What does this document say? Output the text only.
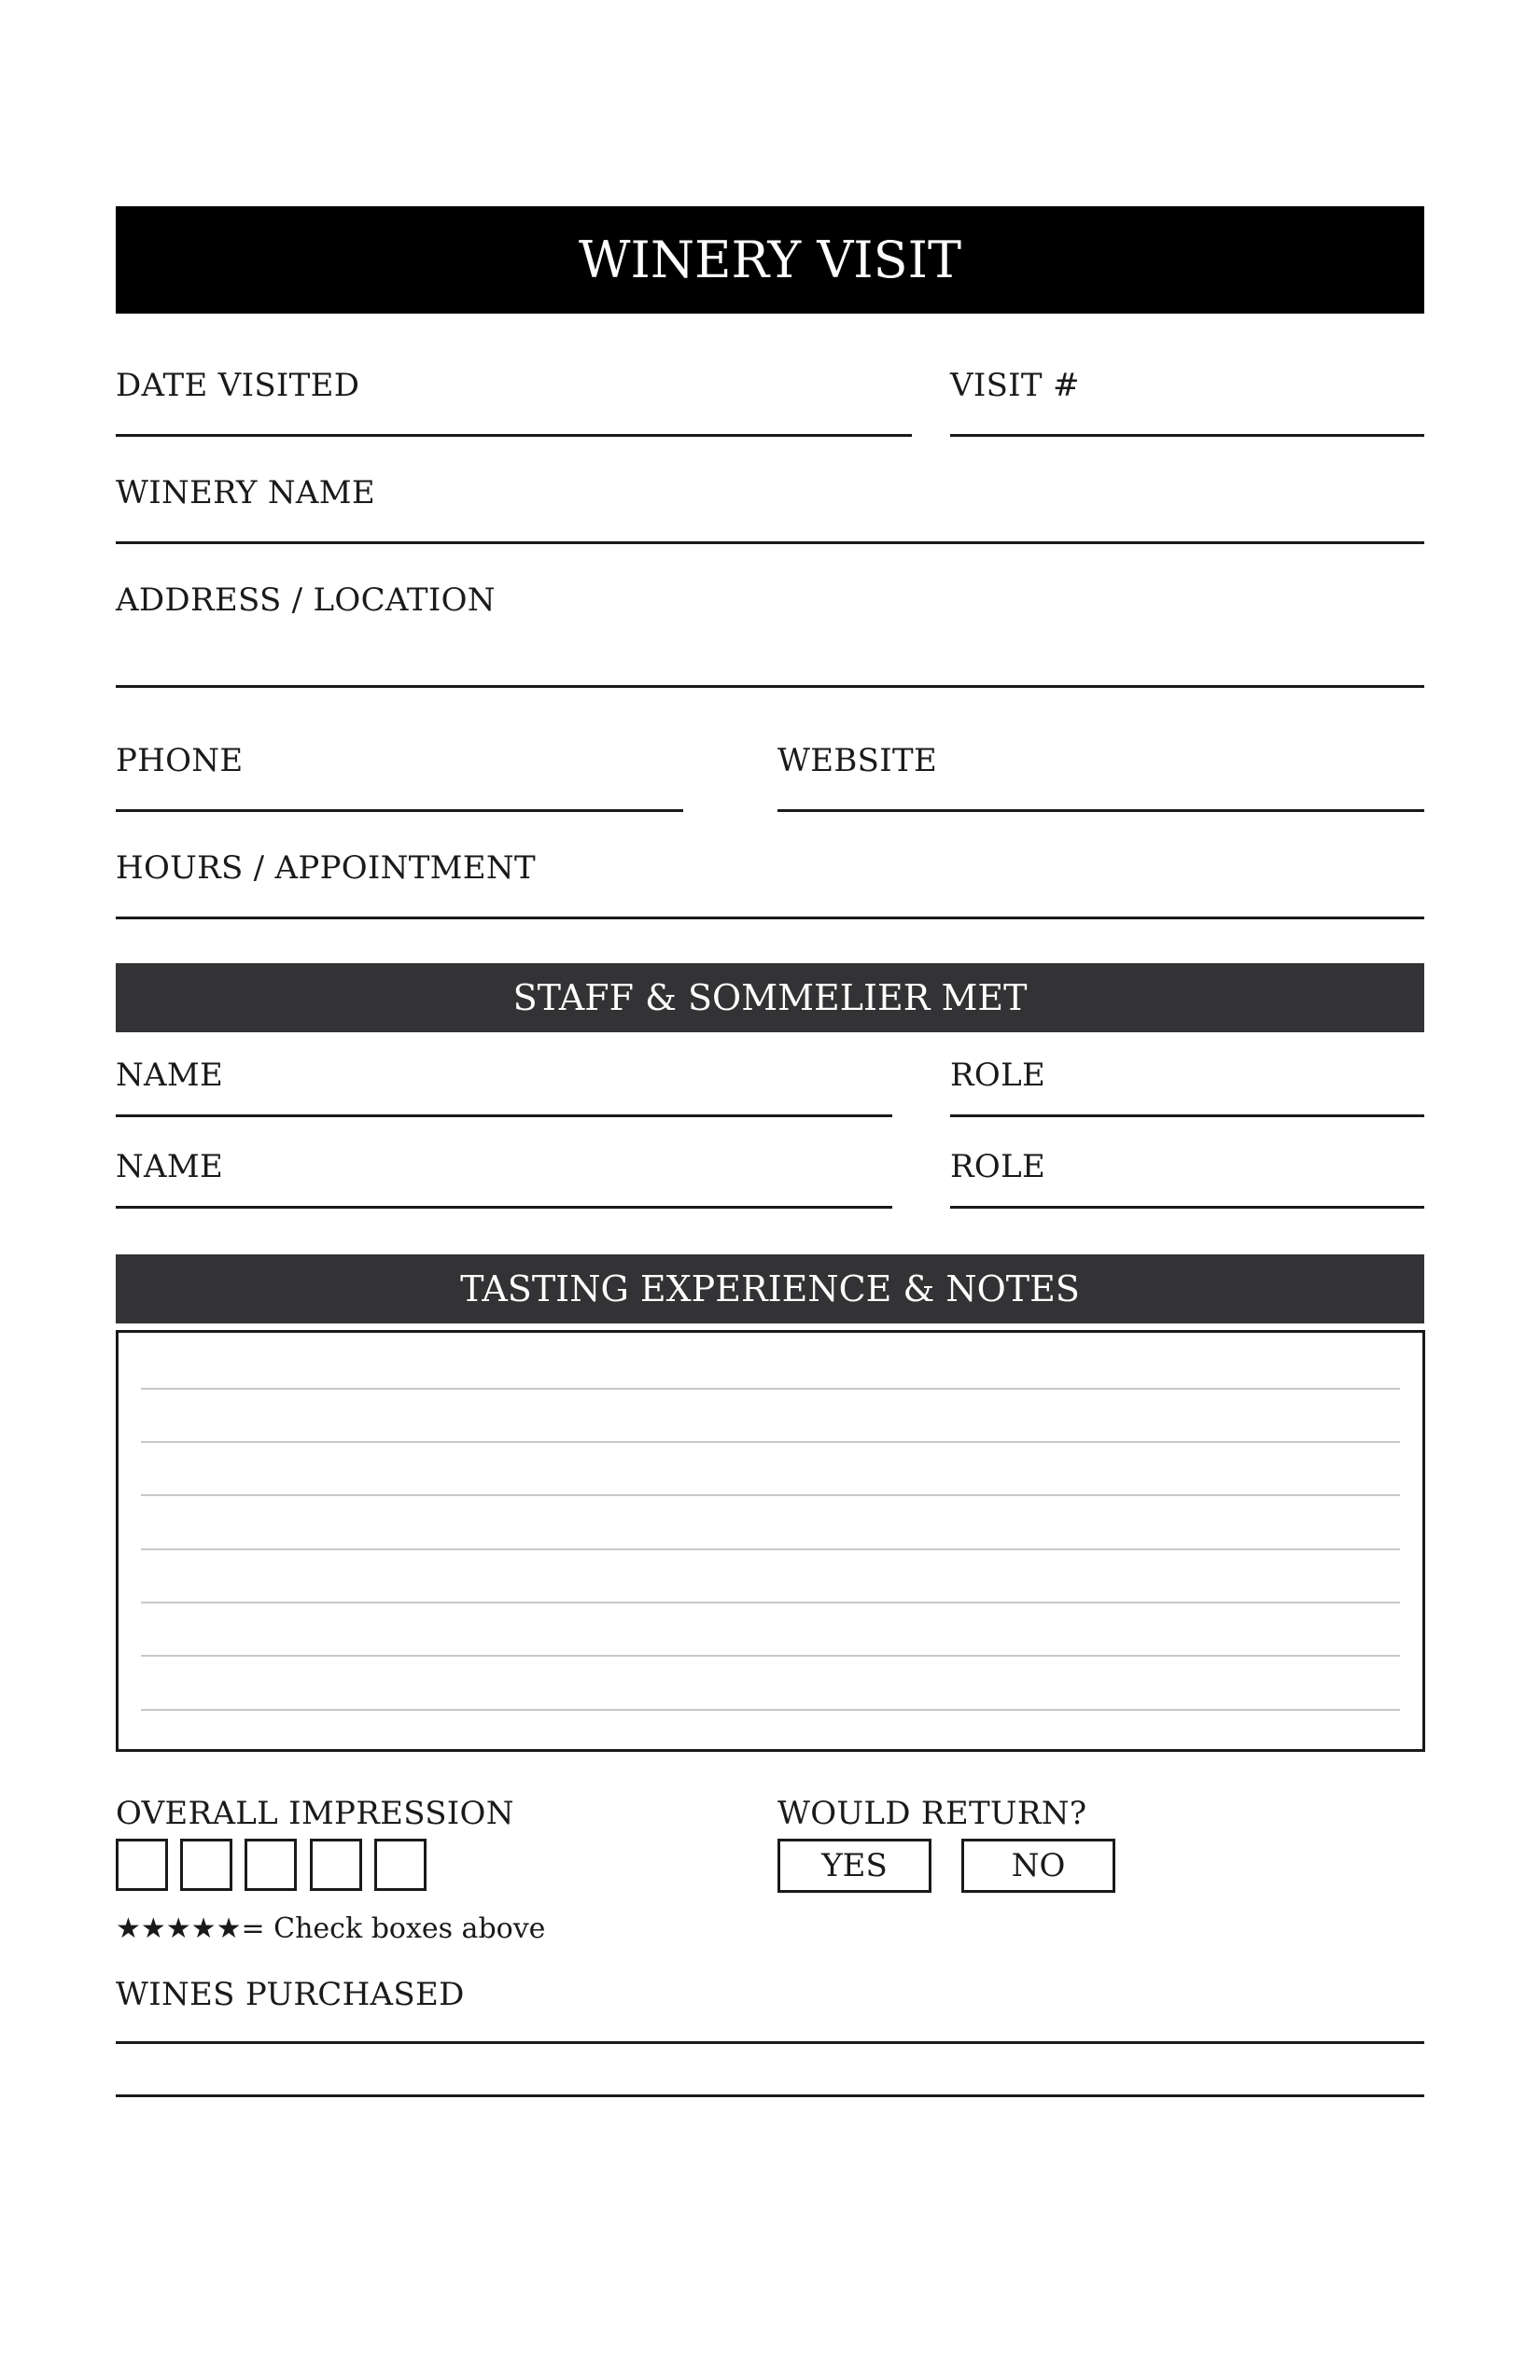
WINERY VISIT
DATE VISITED	VISIT #
WINERY NAME
ADDRESS / LOCATION
PHONE	WEBSITE
HOURS / APPOINTMENT
STAFF & SOMMELIER MET
NAME	ROLE
NAME	ROLE
TASTING EXPERIENCE & NOTES
OVERALL IMPRESSION
★★★★★= Check boxes above
WOULD RETURN?
YES	NO
WINES PURCHASED
